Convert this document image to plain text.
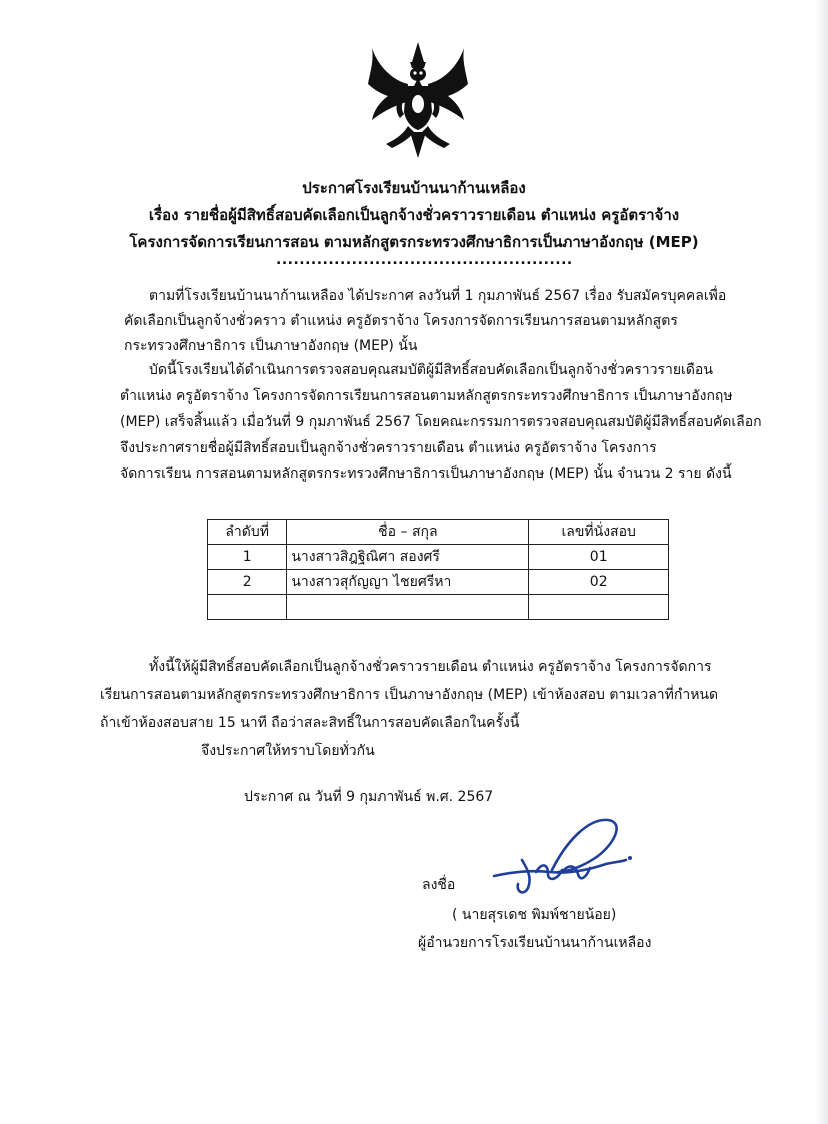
ประกาศโรงเรียนบ้านนาก้านเหลือง
เรื่อง รายชื่อผู้มีสิทธิ์สอบคัดเลือกเป็นลูกจ้างชั่วคราวรายเดือน ตำแหน่ง ครูอัตราจ้าง
โครงการจัดการเรียนการสอน ตามหลักสูตรกระทรวงศึกษาธิการเป็นภาษาอังกฤษ (MEP)
...................................................
ตามที่โรงเรียนบ้านนาก้านเหลือง ได้ประกาศ ลงวันที่ 1 กุมภาพันธ์ 2567 เรื่อง รับสมัครบุคคลเพื่อ
คัดเลือกเป็นลูกจ้างชั่วคราว ตำแหน่ง ครูอัตราจ้าง โครงการจัดการเรียนการสอนตามหลักสูตร
กระทรวงศึกษาธิการ เป็นภาษาอังกฤษ (MEP) นั้น
บัดนี้โรงเรียนได้ดำเนินการตรวจสอบคุณสมบัติผู้มีสิทธิ์สอบคัดเลือกเป็นลูกจ้างชั่วคราวรายเดือน
ตำแหน่ง ครูอัตราจ้าง โครงการจัดการเรียนการสอนตามหลักสูตรกระทรวงศึกษาธิการ เป็นภาษาอังกฤษ
(MEP) เสร็จสิ้นแล้ว เมื่อวันที่ 9 กุมภาพันธ์ 2567 โดยคณะกรรมการตรวจสอบคุณสมบัติผู้มีสิทธิ์สอบคัดเลือก
จึงประกาศรายชื่อผู้มีสิทธิ์สอบเป็นลูกจ้างชั่วคราวรายเดือน ตำแหน่ง ครูอัตราจ้าง โครงการ
จัดการเรียน การสอนตามหลักสูตรกระทรวงศึกษาธิการเป็นภาษาอังกฤษ (MEP) นั้น จำนวน 2 ราย ดังนี้
ลำดับที่	ชื่อ – สกุล	เลขที่นั่งสอบ
1	นางสาวสิฎฐิณิศา สองศรี	01
2	นางสาวสุกัญญา ไชยศรีหา	02

ทั้งนี้ให้ผู้มีสิทธิ์สอบคัดเลือกเป็นลูกจ้างชั่วคราวรายเดือน ตำแหน่ง ครูอัตราจ้าง โครงการจัดการ
เรียนการสอนตามหลักสูตรกระทรวงศึกษาธิการ เป็นภาษาอังกฤษ (MEP) เข้าห้องสอบ ตามเวลาที่กำหนด
ถ้าเข้าห้องสอบสาย 15 นาที ถือว่าสละสิทธิ์ในการสอบคัดเลือกในครั้งนี้
จึงประกาศให้ทราบโดยทั่วกัน
ประกาศ ณ วันที่ 9 กุมภาพันธ์ พ.ศ. 2567
ลงชื่อ
( นายสุรเดช พิมพ์ชายน้อย)
ผู้อำนวยการโรงเรียนบ้านนาก้านเหลือง
